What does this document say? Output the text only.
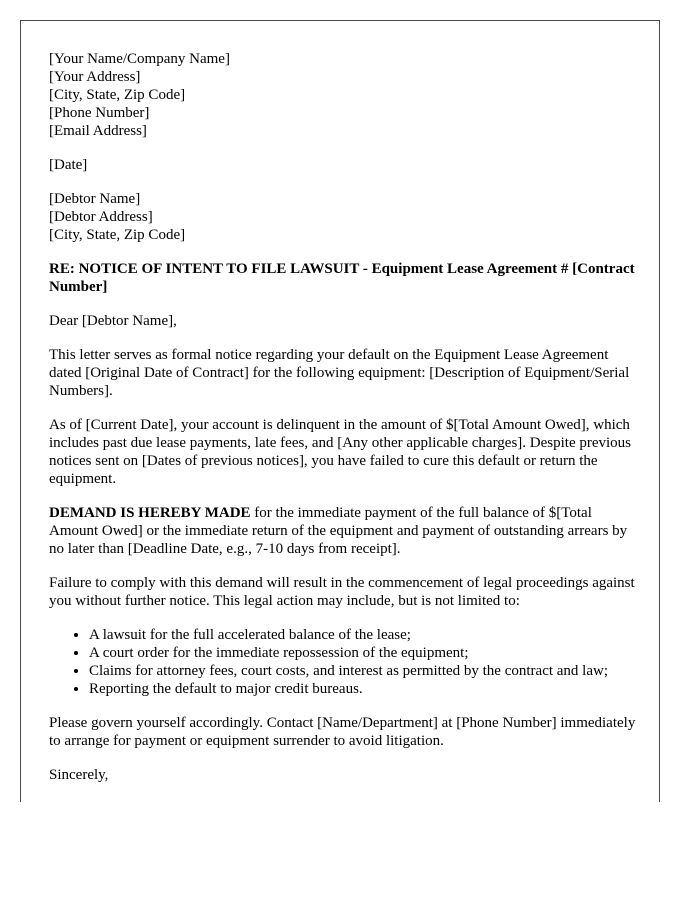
[Your Name/Company Name]
[Your Address]
[City, State, Zip Code]
[Phone Number]
[Email Address]

[Date]

[Debtor Name]
[Debtor Address]
[City, State, Zip Code]

RE: NOTICE OF INTENT TO FILE LAWSUIT - Equipment Lease Agreement # [Contract Number]

Dear [Debtor Name],

This letter serves as formal notice regarding your default on the Equipment Lease Agreement dated [Original Date of Contract] for the following equipment: [Description of Equipment/Serial Numbers].

As of [Current Date], your account is delinquent in the amount of $[Total Amount Owed], which includes past due lease payments, late fees, and [Any other applicable charges]. Despite previous notices sent on [Dates of previous notices], you have failed to cure this default or return the equipment.

DEMAND IS HEREBY MADE for the immediate payment of the full balance of $[Total Amount Owed] or the immediate return of the equipment and payment of outstanding arrears by no later than [Deadline Date, e.g., 7-10 days from receipt].

Failure to comply with this demand will result in the commencement of legal proceedings against you without further notice. This legal action may include, but is not limited to:

• A lawsuit for the full accelerated balance of the lease;
• A court order for the immediate repossession of the equipment;
• Claims for attorney fees, court costs, and interest as permitted by the contract and law;
• Reporting the default to major credit bureaus.

Please govern yourself accordingly. Contact [Name/Department] at [Phone Number] immediately to arrange for payment or equipment surrender to avoid litigation.

Sincerely,
